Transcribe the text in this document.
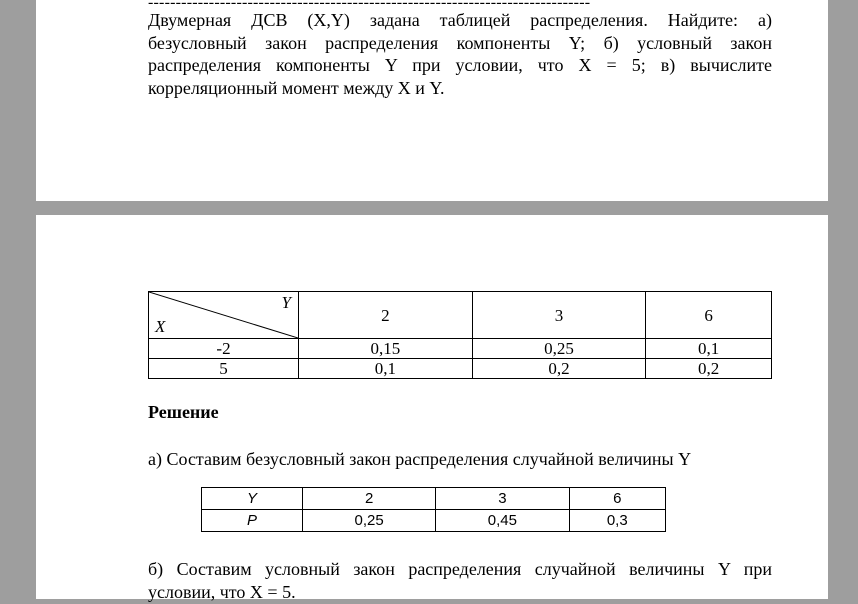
--------------------------------------------------------------------------------
Двумерная ДСВ (X,Y) задана таблицей распределения. Найдите: а)
безусловный закон распределения компоненты Y; б) условный закон
распределения компоненты Y при условии, что X = 5; в) вычислите
корреляционный момент между X и Y.
Y
X	2	3	6
-2	0,15	0,25	0,1
5	0,1	0,2	0,2
Решение
а) Составим безусловный закон распределения случайной величины Y
Y	2	3	6
P	0,25	0,45	0,3
б) Составим условный закон распределения случайной величины Y при
условии, что X = 5.
